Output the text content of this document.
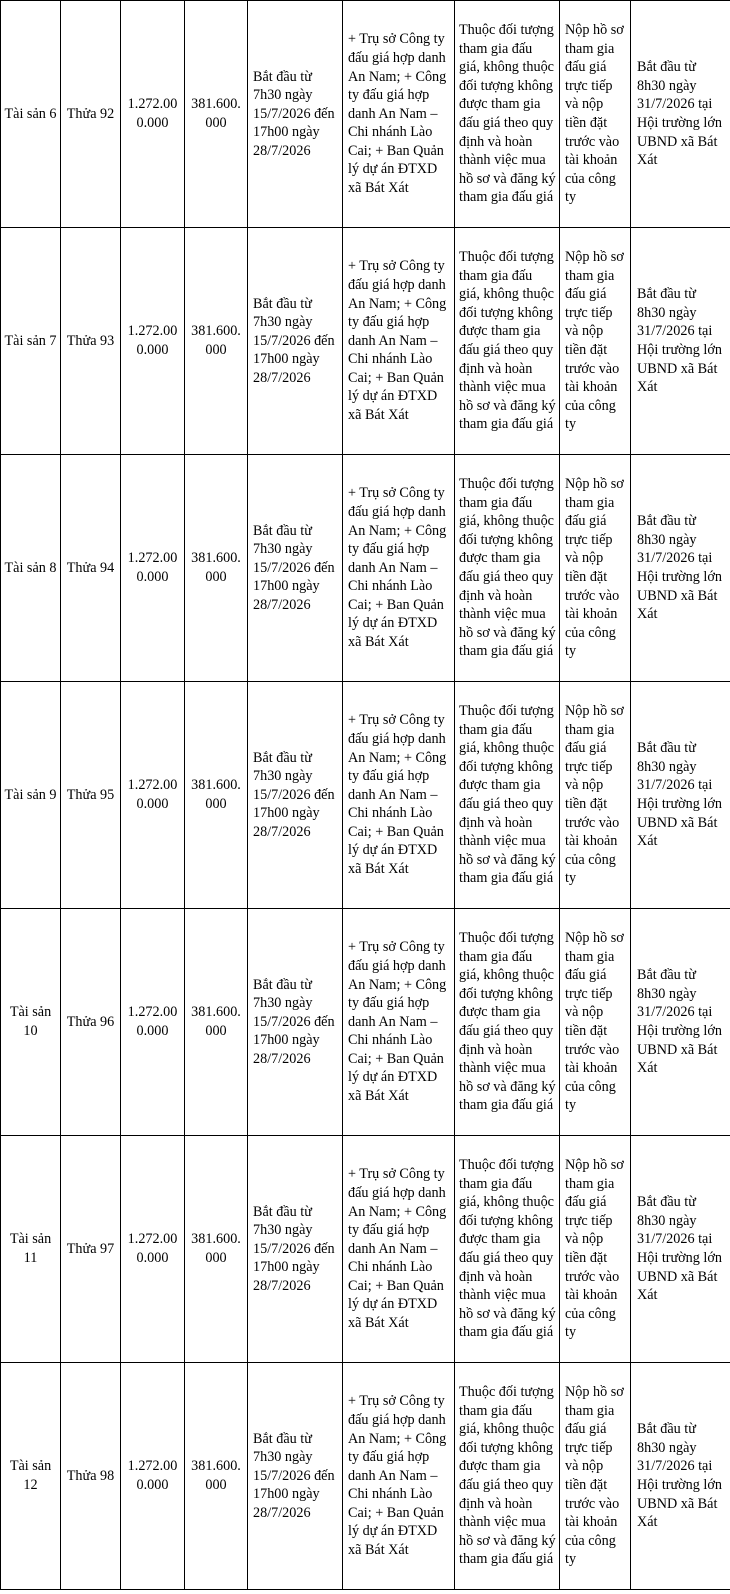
Tài sản 6	Thửa 92	1.272.00 0.000	381.600. 000	Bắt đầu từ 7h30 ngày 15/7/2026 đến 17h00 ngày 28/7/2026	+ Trụ sở Công ty đấu giá hợp danh An Nam; + Công ty đấu giá hợp danh An Nam – Chi nhánh Lào Cai; + Ban Quản lý dự án ĐTXD xã Bát Xát	Thuộc đối tượng tham gia đấu giá, không thuộc đối tượng không được tham gia đấu giá theo quy định và hoàn thành việc mua hồ sơ và đăng ký tham gia đấu giá	Nộp hồ sơ tham gia đấu giá trực tiếp và nộp tiền đặt trước vào tài khoản của công ty	Bắt đầu từ 8h30 ngày 31/7/2026 tại Hội trường lớn UBND xã Bát Xát

Tài sản 7	Thửa 93	1.272.00 0.000	381.600. 000	Bắt đầu từ 7h30 ngày 15/7/2026 đến 17h00 ngày 28/7/2026	+ Trụ sở Công ty đấu giá hợp danh An Nam; + Công ty đấu giá hợp danh An Nam – Chi nhánh Lào Cai; + Ban Quản lý dự án ĐTXD xã Bát Xát	Thuộc đối tượng tham gia đấu giá, không thuộc đối tượng không được tham gia đấu giá theo quy định và hoàn thành việc mua hồ sơ và đăng ký tham gia đấu giá	Nộp hồ sơ tham gia đấu giá trực tiếp và nộp tiền đặt trước vào tài khoản của công ty	Bắt đầu từ 8h30 ngày 31/7/2026 tại Hội trường lớn UBND xã Bát Xát

Tài sản 8	Thửa 94	1.272.00 0.000	381.600. 000	Bắt đầu từ 7h30 ngày 15/7/2026 đến 17h00 ngày 28/7/2026	+ Trụ sở Công ty đấu giá hợp danh An Nam; + Công ty đấu giá hợp danh An Nam – Chi nhánh Lào Cai; + Ban Quản lý dự án ĐTXD xã Bát Xát	Thuộc đối tượng tham gia đấu giá, không thuộc đối tượng không được tham gia đấu giá theo quy định và hoàn thành việc mua hồ sơ và đăng ký tham gia đấu giá	Nộp hồ sơ tham gia đấu giá trực tiếp và nộp tiền đặt trước vào tài khoản của công ty	Bắt đầu từ 8h30 ngày 31/7/2026 tại Hội trường lớn UBND xã Bát Xát

Tài sản 9	Thửa 95	1.272.00 0.000	381.600. 000	Bắt đầu từ 7h30 ngày 15/7/2026 đến 17h00 ngày 28/7/2026	+ Trụ sở Công ty đấu giá hợp danh An Nam; + Công ty đấu giá hợp danh An Nam – Chi nhánh Lào Cai; + Ban Quản lý dự án ĐTXD xã Bát Xát	Thuộc đối tượng tham gia đấu giá, không thuộc đối tượng không được tham gia đấu giá theo quy định và hoàn thành việc mua hồ sơ và đăng ký tham gia đấu giá	Nộp hồ sơ tham gia đấu giá trực tiếp và nộp tiền đặt trước vào tài khoản của công ty	Bắt đầu từ 8h30 ngày 31/7/2026 tại Hội trường lớn UBND xã Bát Xát

Tài sản 10	Thửa 96	1.272.00 0.000	381.600. 000	Bắt đầu từ 7h30 ngày 15/7/2026 đến 17h00 ngày 28/7/2026	+ Trụ sở Công ty đấu giá hợp danh An Nam; + Công ty đấu giá hợp danh An Nam – Chi nhánh Lào Cai; + Ban Quản lý dự án ĐTXD xã Bát Xát	Thuộc đối tượng tham gia đấu giá, không thuộc đối tượng không được tham gia đấu giá theo quy định và hoàn thành việc mua hồ sơ và đăng ký tham gia đấu giá	Nộp hồ sơ tham gia đấu giá trực tiếp và nộp tiền đặt trước vào tài khoản của công ty	Bắt đầu từ 8h30 ngày 31/7/2026 tại Hội trường lớn UBND xã Bát Xát

Tài sản 11	Thửa 97	1.272.00 0.000	381.600. 000	Bắt đầu từ 7h30 ngày 15/7/2026 đến 17h00 ngày 28/7/2026	+ Trụ sở Công ty đấu giá hợp danh An Nam; + Công ty đấu giá hợp danh An Nam – Chi nhánh Lào Cai; + Ban Quản lý dự án ĐTXD xã Bát Xát	Thuộc đối tượng tham gia đấu giá, không thuộc đối tượng không được tham gia đấu giá theo quy định và hoàn thành việc mua hồ sơ và đăng ký tham gia đấu giá	Nộp hồ sơ tham gia đấu giá trực tiếp và nộp tiền đặt trước vào tài khoản của công ty	Bắt đầu từ 8h30 ngày 31/7/2026 tại Hội trường lớn UBND xã Bát Xát

Tài sản 12	Thửa 98	1.272.00 0.000	381.600. 000	Bắt đầu từ 7h30 ngày 15/7/2026 đến 17h00 ngày 28/7/2026	+ Trụ sở Công ty đấu giá hợp danh An Nam; + Công ty đấu giá hợp danh An Nam – Chi nhánh Lào Cai; + Ban Quản lý dự án ĐTXD xã Bát Xát	Thuộc đối tượng tham gia đấu giá, không thuộc đối tượng không được tham gia đấu giá theo quy định và hoàn thành việc mua hồ sơ và đăng ký tham gia đấu giá	Nộp hồ sơ tham gia đấu giá trực tiếp và nộp tiền đặt trước vào tài khoản của công ty	Bắt đầu từ 8h30 ngày 31/7/2026 tại Hội trường lớn UBND xã Bát Xát
